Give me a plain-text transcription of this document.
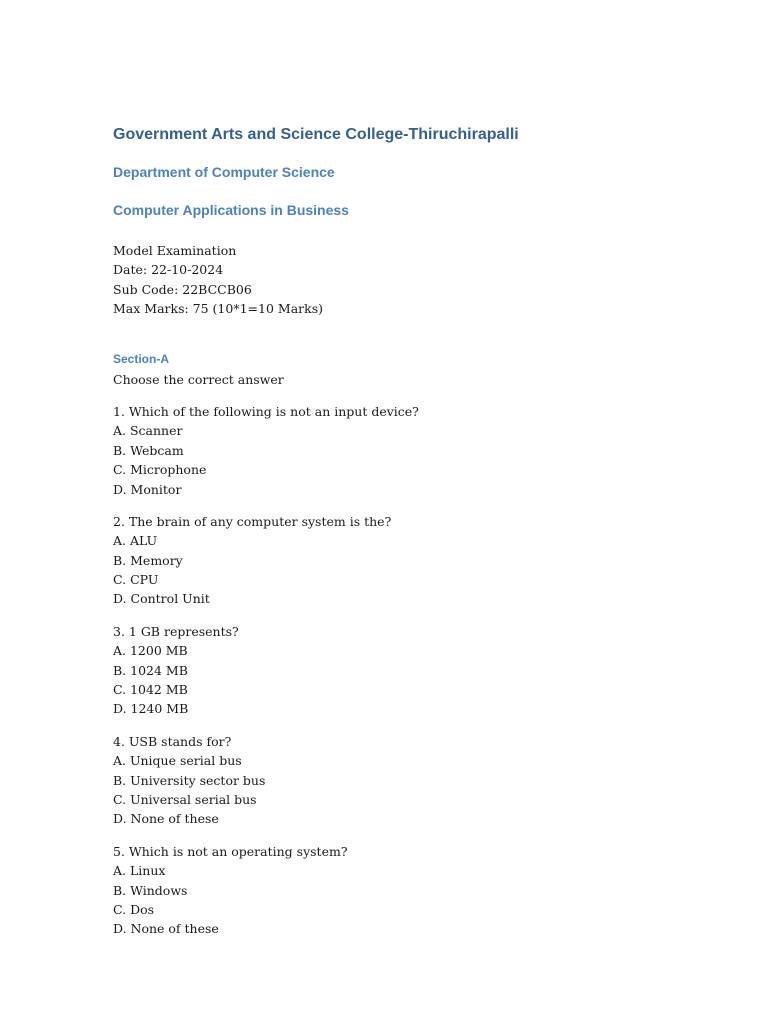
Government Arts and Science College-Thiruchirapalli
Department of Computer Science
Computer Applications in Business
Model Examination
Date: 22-10-2024
Sub Code: 22BCCB06
Max Marks: 75 (10*1=10 Marks)
Section-A
Choose the correct answer
1. Which of the following is not an input device?
A. Scanner
B. Webcam
C. Microphone
D. Monitor
2. The brain of any computer system is the?
A. ALU
B. Memory
C. CPU
D. Control Unit
3. 1 GB represents?
A. 1200 MB
B. 1024 MB
C. 1042 MB
D. 1240 MB
4. USB stands for?
A. Unique serial bus
B. University sector bus
C. Universal serial bus
D. None of these
5. Which is not an operating system?
A. Linux
B. Windows
C. Dos
D. None of these
